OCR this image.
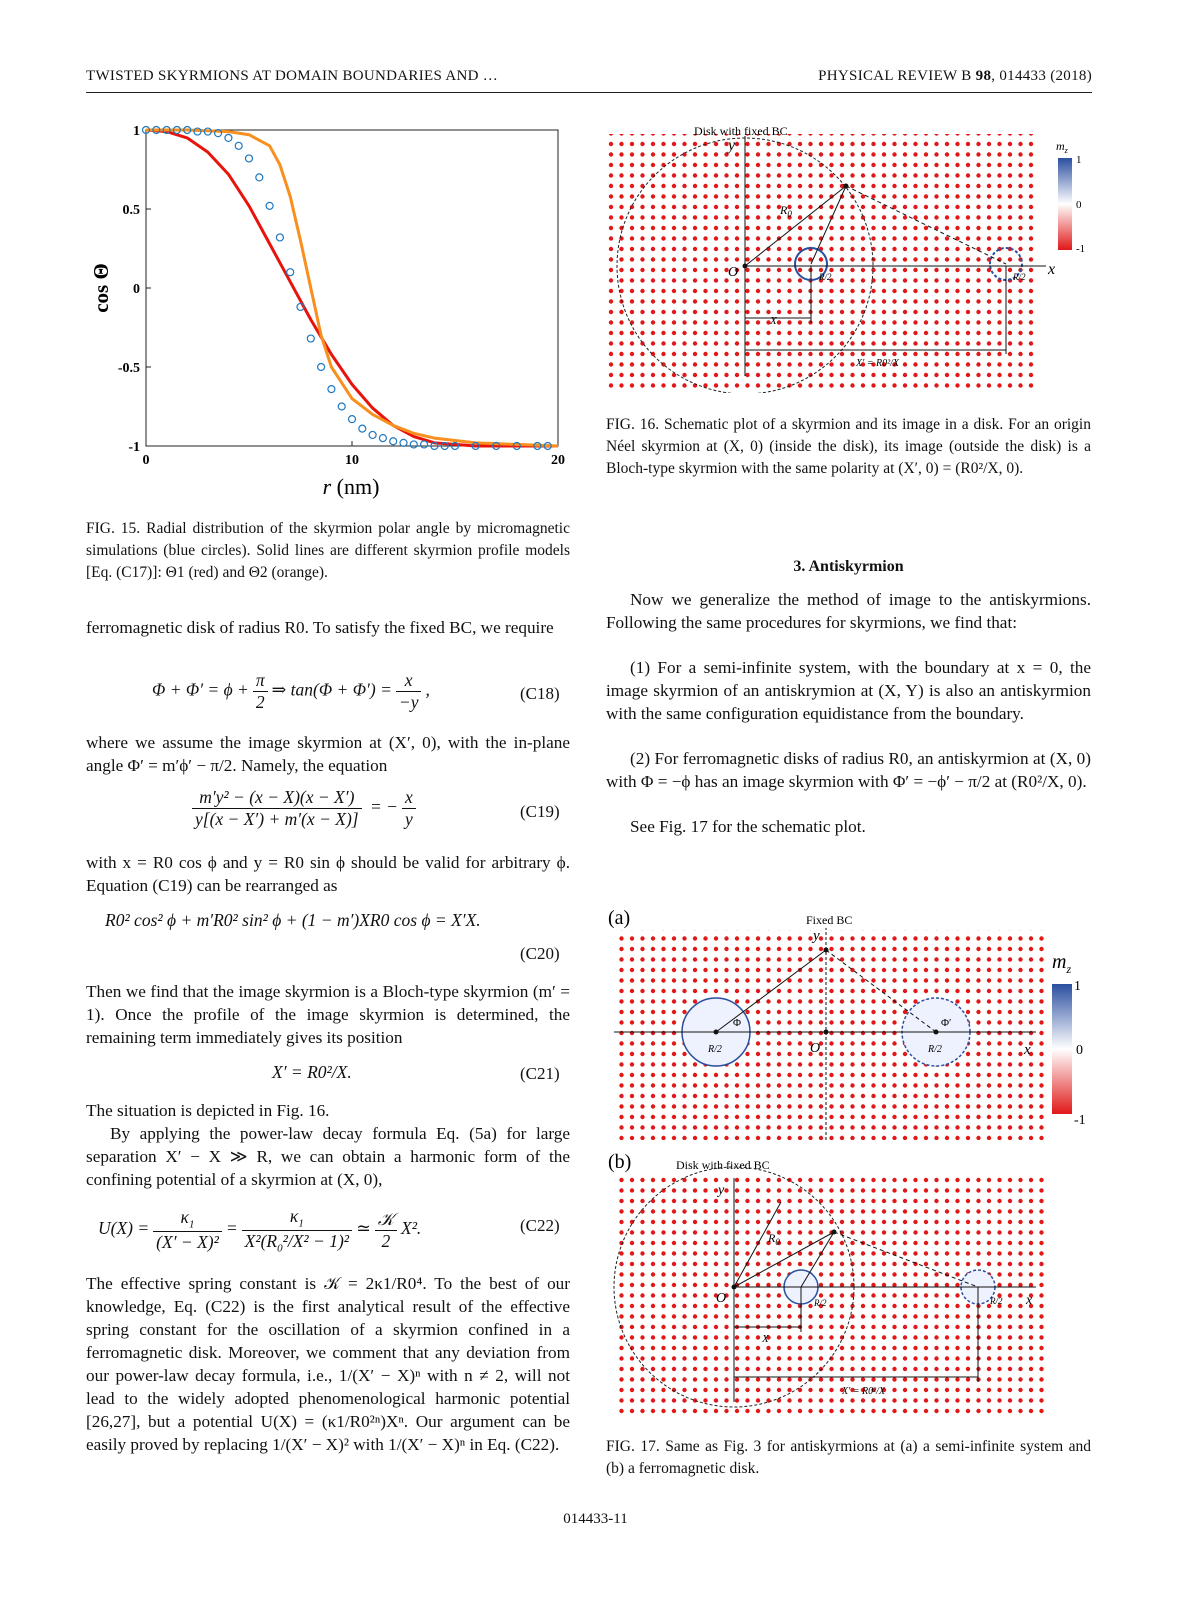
TWISTED SKYRMIONS AT DOMAIN BOUNDARIES AND …	PHYSICAL REVIEW B 98, 014433 (2018)
0	10	20
1
0.5
0
-0.5
-1
r (nm)
cos Θ
FIG. 15. Radial distribution of the skyrmion polar angle by micromagnetic simulations (blue circles). Solid lines are different skyrmion profile models [Eq. (C17)]: Θ1 (red) and Θ2 (orange).
Disk with fixed BC
y
x
O
$R_0$
R/2	R/2
X
X′ = R0²/X
$m_z$
1
0
-1
FIG. 16. Schematic plot of a skyrmion and its image in a disk. For an origin Néel skyrmion at (X, 0) (inside the disk), its image (outside the disk) is a Bloch-type skyrmion with the same polarity at (X′, 0) = (R0²/X, 0).
ferromagnetic disk of radius R0. To satisfy the fixed BC, we require
$\Phi + \Phi' = \phi + \frac{\pi}{2}$ ⇒ $\tan(\Phi + \Phi') = \frac{x}{-y}$ ,	(C18)
where we assume the image skyrmion at (X′, 0), with the in-plane angle Φ′ = m′ϕ′ − π/2. Namely, the equation
$\frac{\text{m′y² − (x − X)(x − X′)}}{y[(x - X') + m'(x - X)]}$ = − $\frac{x}{y}$	(C19)
with x = R0 cos ϕ and y = R0 sin ϕ should be valid for arbitrary ϕ. Equation (C19) can be rearranged as
R0² cos² ϕ + m′R0² sin² ϕ + (1 − m′)XR0 cos ϕ = X′X.
(C20)
Then we find that the image skyrmion is a Bloch-type skyrmion (m′ = 1). Once the profile of the image skyrmion is determined, the remaining term immediately gives its position
X′ = R0²/X.	(C21)
The situation is depicted in Fig. 16.
By applying the power-law decay formula Eq. (5a) for large separation X′ − X ≫ R, we can obtain a harmonic form of the confining potential of a skyrmion at (X, 0),
$U(X) = \frac{\kappa_1}{\text{(X′ − X)²}} = \frac{\kappa_1}{X^2(R_0^2/X^2 - 1)^2}$ ≃ $\frac{\text{𝒦}}{2} X^2$.	(C22)
The effective spring constant is 𝒦 = 2κ1/R0⁴. To the best of our knowledge, Eq. (C22) is the first analytical result of the effective spring constant for the oscillation of a skyrmion confined in a ferromagnetic disk. Moreover, we comment that any deviation from our power-law decay formula, i.e., 1/(X′ − X)ⁿ with n ≠ 2, will not lead to the widely adopted phenomenological harmonic potential [26,27], but a potential U(X) = (κ1/R0²ⁿ)Xⁿ. Our argument can be easily proved by replacing 1/(X′ − X)² with 1/(X′ − X)ⁿ in Eq. (C22).
3. Antiskyrmion
Now we generalize the method of image to the antiskyrmions. Following the same procedures for skyrmions, we find that:
(1) For a semi-infinite system, with the boundary at x = 0, the image skyrmion of an antiskrymion at (X, Y) is also an antiskyrmion with the same configuration equidistance from the boundary.
(2) For ferromagnetic disks of radius R0, an antiskyrmion at (X, 0) with Φ = −ϕ has an image skyrmion with Φ′ = −ϕ′ − π/2 at (R0²/X, 0).
See Fig. 17 for the schematic plot.
(a)	Fixed BC
y
x
O
Φ	Φ′
R/2	R/2
$m_z$
1
0
-1
(b)	Disk with fixed BC
y
x
O
$R_0$
R/2	R/2
X
X′ = R0²/X
FIG. 17. Same as Fig. 3 for antiskyrmions at (a) a semi-infinite system and (b) a ferromagnetic disk.
014433-11
